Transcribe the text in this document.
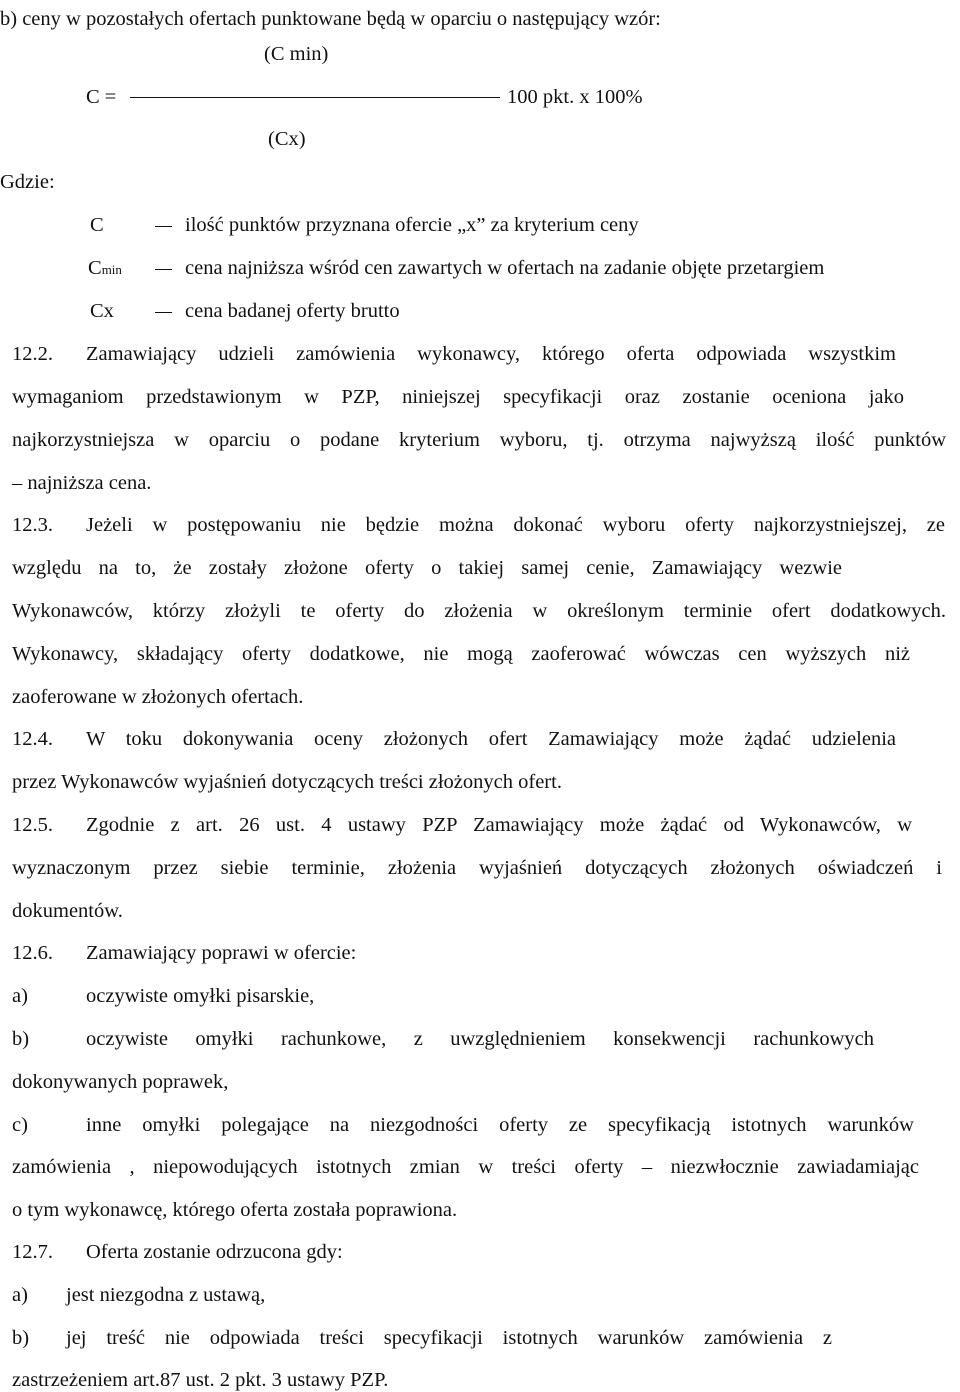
b) ceny w pozostałych ofertach punktowane będą w oparciu o następujący wzór:
(C min)
C =	100 pkt. x 100%
(Cx)
Gdzie:
C	ilość punktów przyznana ofercie „x” za kryterium ceny
Cmin	cena najniższa wśród cen zawartych w ofertach na zadanie objęte przetargiem
Cx	cena badanej oferty brutto
12.2. Zamawiający udzieli zamówienia wykonawcy, którego oferta odpowiada wszystkim
wymaganiom przedstawionym w PZP, niniejszej specyfikacji oraz zostanie oceniona jako
najkorzystniejsza w oparciu o podane kryterium wyboru, tj. otrzyma najwyższą ilość punktów
– najniższa cena.
12.3. Jeżeli w postępowaniu nie będzie można dokonać wyboru oferty najkorzystniejszej, ze
względu na to, że zostały złożone oferty o takiej samej cenie, Zamawiający wezwie
Wykonawców, którzy złożyli te oferty do złożenia w określonym terminie ofert dodatkowych.
Wykonawcy, składający oferty dodatkowe, nie mogą zaoferować wówczas cen wyższych niż
zaoferowane w złożonych ofertach.
12.4. W toku dokonywania oceny złożonych ofert Zamawiający może żądać udzielenia
przez Wykonawców wyjaśnień dotyczących treści złożonych ofert.
12.5. Zgodnie z art. 26 ust. 4 ustawy PZP Zamawiający może żądać od Wykonawców, w
wyznaczonym przez siebie terminie, złożenia wyjaśnień dotyczących złożonych oświadczeń i
dokumentów.
12.6. Zamawiający poprawi w ofercie:
a)	oczywiste omyłki pisarskie,
b)	oczywiste omyłki rachunkowe, z uwzględnieniem konsekwencji rachunkowych
dokonywanych poprawek,
c)	inne omyłki polegające na niezgodności oferty ze specyfikacją istotnych warunków
zamówienia , niepowodujących istotnych zmian w treści oferty – niezwłocznie zawiadamiając
o tym wykonawcę, którego oferta została poprawiona.
12.7. Oferta zostanie odrzucona gdy:
a) jest niezgodna z ustawą,
b) jej treść nie odpowiada treści specyfikacji istotnych warunków zamówienia z
zastrzeżeniem art.87 ust. 2 pkt. 3 ustawy PZP.
